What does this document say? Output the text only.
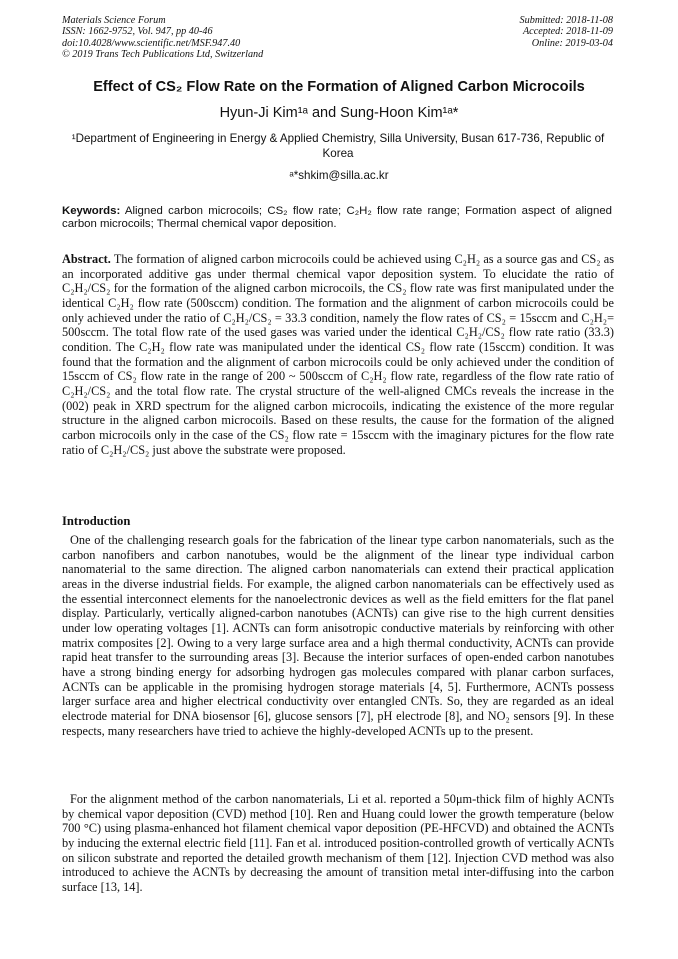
Materials Science Forum
ISSN: 1662-9752, Vol. 947, pp 40-46
doi:10.4028/www.scientific.net/MSF.947.40
© 2019 Trans Tech Publications Ltd, Switzerland
Submitted: 2018-11-08
Accepted: 2018-11-09
Online: 2019-03-04
Effect of CS₂ Flow Rate on the Formation of Aligned Carbon Microcoils
Hyun-Ji Kim¹ᵃ and Sung-Hoon Kim¹ᵃ*
¹Department of Engineering in Energy & Applied Chemistry, Silla University, Busan 617-736, Republic of Korea
ᵃ*shkim@silla.ac.kr
Keywords: Aligned carbon microcoils; CS₂ flow rate; C₂H₂ flow rate range; Formation aspect of aligned carbon microcoils; Thermal chemical vapor deposition.
Abstract. The formation of aligned carbon microcoils could be achieved using C₂H₂ as a source gas and CS₂ as an incorporated additive gas under thermal chemical vapor deposition system. To elucidate the ratio of C₂H₂/CS₂ for the formation of the aligned carbon microcoils, the CS₂ flow rate was first manipulated under the identical C₂H₂ flow rate (500sccm) condition. The formation and the alignment of carbon microcoils could be only achieved under the ratio of C₂H₂/CS₂ = 33.3 condition, namely the flow rates of CS₂ = 15sccm and C₂H₂= 500sccm. The total flow rate of the used gases was varied under the identical C₂H₂/CS₂ flow rate ratio (33.3) condition. The C₂H₂ flow rate was manipulated under the identical CS₂ flow rate (15sccm) condition. It was found that the formation and the alignment of carbon microcoils could be only achieved under the condition of 15sccm of CS₂ flow rate in the range of 200 ~ 500sccm of C₂H₂ flow rate, regardless of the flow rate ratio of C₂H₂/CS₂ and the total flow rate. The crystal structure of the well-aligned CMCs reveals the increase in the (002) peak in XRD spectrum for the aligned carbon microcoils, indicating the existence of the more regular structure in the aligned carbon microcoils. Based on these results, the cause for the formation of the aligned carbon microcoils only in the case of the CS₂ flow rate = 15sccm with the imaginary pictures for the flow rate ratio of C₂H₂/CS₂ just above the substrate were proposed.
Introduction
One of the challenging research goals for the fabrication of the linear type carbon nanomaterials, such as the carbon nanofibers and carbon nanotubes, would be the alignment of the linear type individual carbon nanomaterial to the same direction. The aligned carbon nanomaterials can extend their practical application areas in the diverse industrial fields. For example, the aligned carbon nanomaterials can be effectively used as the essential interconnect elements for the nanoelectronic devices as well as the field emitters for the flat panel display. Particularly, vertically aligned-carbon nanotubes (ACNTs) can give rise to the high current densities under low operating voltages [1]. ACNTs can form anisotropic conductive materials by reinforcing with other matrix composites [2]. Owing to a very large surface area and a high thermal conductivity, ACNTs can provide rapid heat transfer to the surrounding areas [3]. Because the interior surfaces of open-ended carbon nanotubes have a strong binding energy for adsorbing hydrogen gas molecules compared with planar carbon surfaces, ACNTs can be applicable in the promising hydrogen storage materials [4, 5]. Furthermore, ACNTs possess larger surface area and higher electrical conductivity over entangled CNTs. So, they are regarded as an ideal electrode material for DNA biosensor [6], glucose sensors [7], pH electrode [8], and NO₂ sensors [9]. In these respects, many researchers have tried to achieve the highly-developed ACNTs up to the present.
For the alignment method of the carbon nanomaterials, Li et al. reported a 50μm-thick film of highly ACNTs by chemical vapor deposition (CVD) method [10]. Ren and Huang could lower the growth temperature (below 700 °C) using plasma-enhanced hot filament chemical vapor deposition (PE-HFCVD) and obtained the ACNTs by inducing the external electric field [11]. Fan et al. introduced position-controlled growth of vertically ACNTs on silicon substrate and reported the detailed growth mechanism of them [12]. Injection CVD method was also introduced to achieve the ACNTs by decreasing the amount of transition metal inter-diffusing into the carbon surface [13, 14].
